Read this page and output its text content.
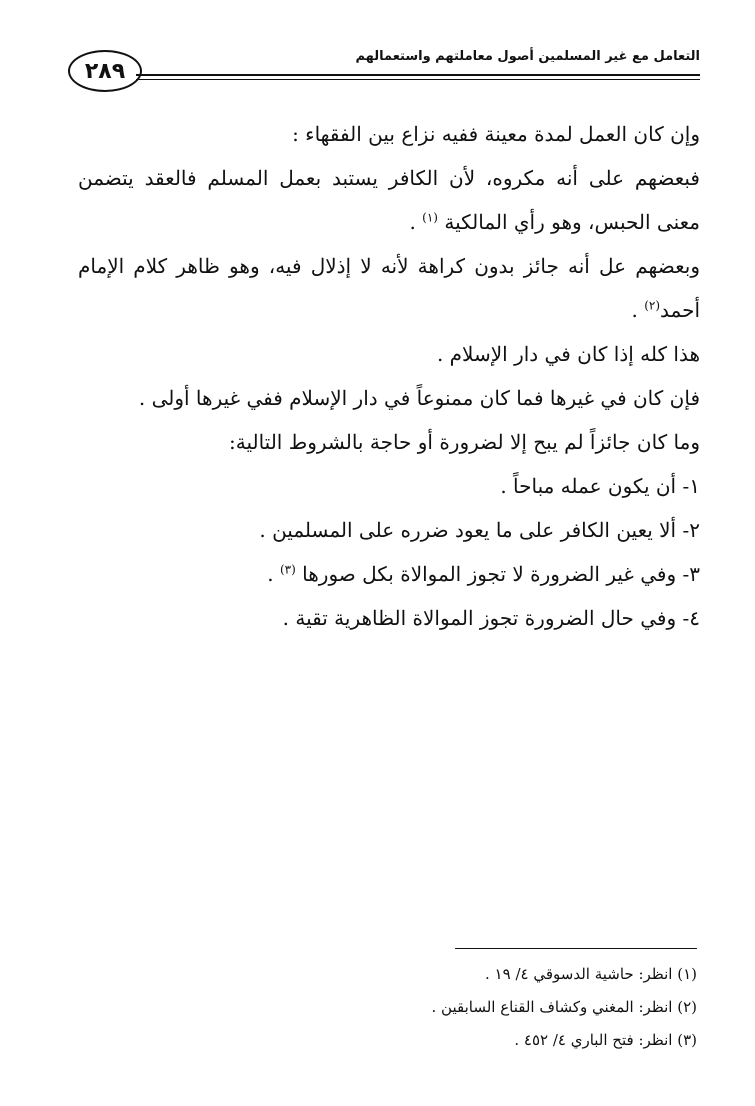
٢٨٩
التعامل مع غير المسلمين أصول معاملتهم واستعمالهم

وإن كان العمل لمدة معينة ففيه نزاع بين الفقهاء :

فبعضهم على أنه مكروه، لأن الكافر يستبد بعمل المسلم فالعقد يتضمن معنى الحبس، وهو رأي المالكية $^{(١)}$ .

وبعضهم عل أنه جائز بدون كراهة لأنه لا إذلال فيه، وهو ظاهر كلام الإمام أحمد$^{(٢)}$ .

هذا كله إذا كان في دار الإسلام .

فإن كان في غيرها فما كان ممنوعاً في دار الإسلام ففي غيرها أولى .

وما كان جائزاً لم يبح إلا لضرورة أو حاجة بالشروط التالية:

١- أن يكون عمله مباحاً .

٢- ألا يعين الكافر على ما يعود ضرره على المسلمين .

٣- وفي غير الضرورة لا تجوز الموالاة بكل صورها $^{(٣)}$ .

٤- وفي حال الضرورة تجوز الموالاة الظاهرية تقية .

(١) انظر: حاشية الدسوقي ٤/ ١٩ .

(٢) انظر: المغني وكشاف القناع السابقين .

(٣) انظر: فتح الباري ٤/ ٤٥٢ .
